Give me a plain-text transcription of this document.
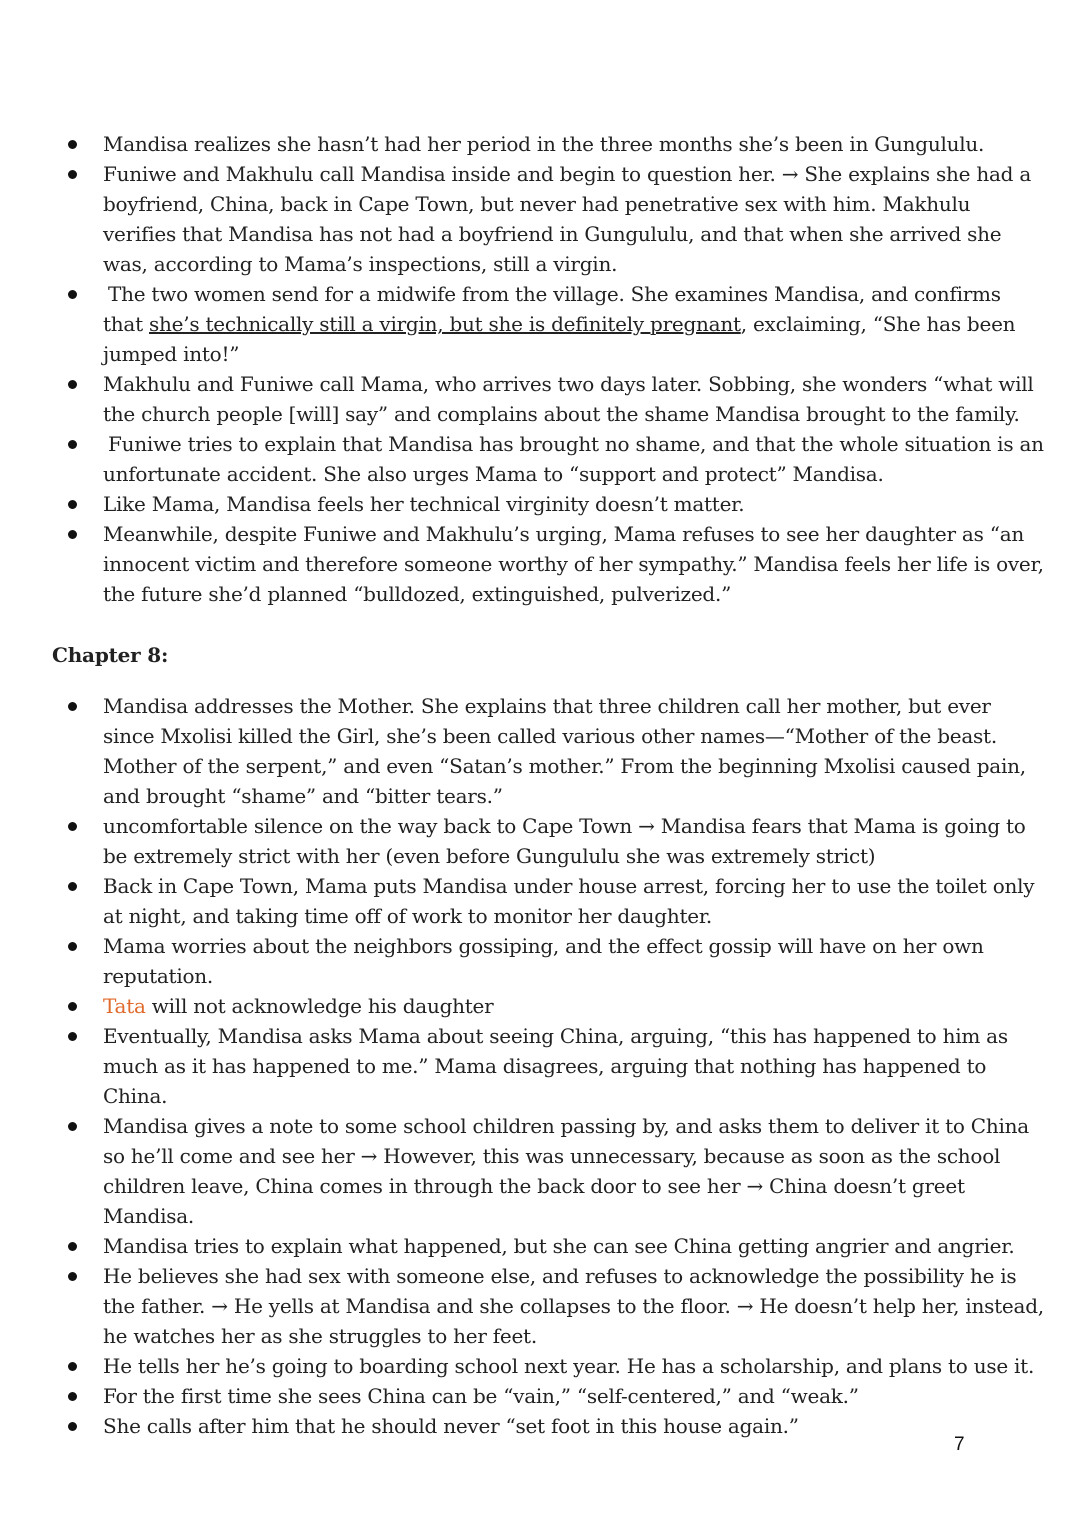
Mandisa realizes she hasn’t had her period in the three months she’s been in Gungululu.
Funiwe and Makhulu call Mandisa inside and begin to question her. → She explains she had a boyfriend, China, back in Cape Town, but never had penetrative sex with him. Makhulu verifies that Mandisa has not had a boyfriend in Gungululu, and that when she arrived she was, according to Mama’s inspections, still a virgin.
The two women send for a midwife from the village. She examines Mandisa, and confirms that she’s technically still a virgin, but she is definitely pregnant, exclaiming, “She has been jumped into!”
Makhulu and Funiwe call Mama, who arrives two days later. Sobbing, she wonders “what will the church people [will] say” and complains about the shame Mandisa brought to the family.
Funiwe tries to explain that Mandisa has brought no shame, and that the whole situation is an unfortunate accident. She also urges Mama to “support and protect” Mandisa.
Like Mama, Mandisa feels her technical virginity doesn’t matter.
Meanwhile, despite Funiwe and Makhulu’s urging, Mama refuses to see her daughter as “an innocent victim and therefore someone worthy of her sympathy.” Mandisa feels her life is over, the future she’d planned “bulldozed, extinguished, pulverized.”
Chapter 8:
Mandisa addresses the Mother. She explains that three children call her mother, but ever since Mxolisi killed the Girl, she’s been called various other names—“Mother of the beast. Mother of the serpent,” and even “Satan’s mother.” From the beginning Mxolisi caused pain, and brought “shame” and “bitter tears.”
uncomfortable silence on the way back to Cape Town → Mandisa fears that Mama is going to be extremely strict with her (even before Gungululu she was extremely strict)
Back in Cape Town, Mama puts Mandisa under house arrest, forcing her to use the toilet only at night, and taking time off of work to monitor her daughter.
Mama worries about the neighbors gossiping, and the effect gossip will have on her own reputation.
Tata will not acknowledge his daughter
Eventually, Mandisa asks Mama about seeing China, arguing, “this has happened to him as much as it has happened to me.” Mama disagrees, arguing that nothing has happened to China.
Mandisa gives a note to some school children passing by, and asks them to deliver it to China so he’ll come and see her → However, this was unnecessary, because as soon as the school children leave, China comes in through the back door to see her → China doesn’t greet Mandisa.
Mandisa tries to explain what happened, but she can see China getting angrier and angrier.
He believes she had sex with someone else, and refuses to acknowledge the possibility he is the father. → He yells at Mandisa and she collapses to the floor. → He doesn’t help her, instead, he watches her as she struggles to her feet.
He tells her he’s going to boarding school next year. He has a scholarship, and plans to use it.
For the first time she sees China can be “vain,” “self-centered,” and “weak.”
She calls after him that he should never “set foot in this house again.”
7
